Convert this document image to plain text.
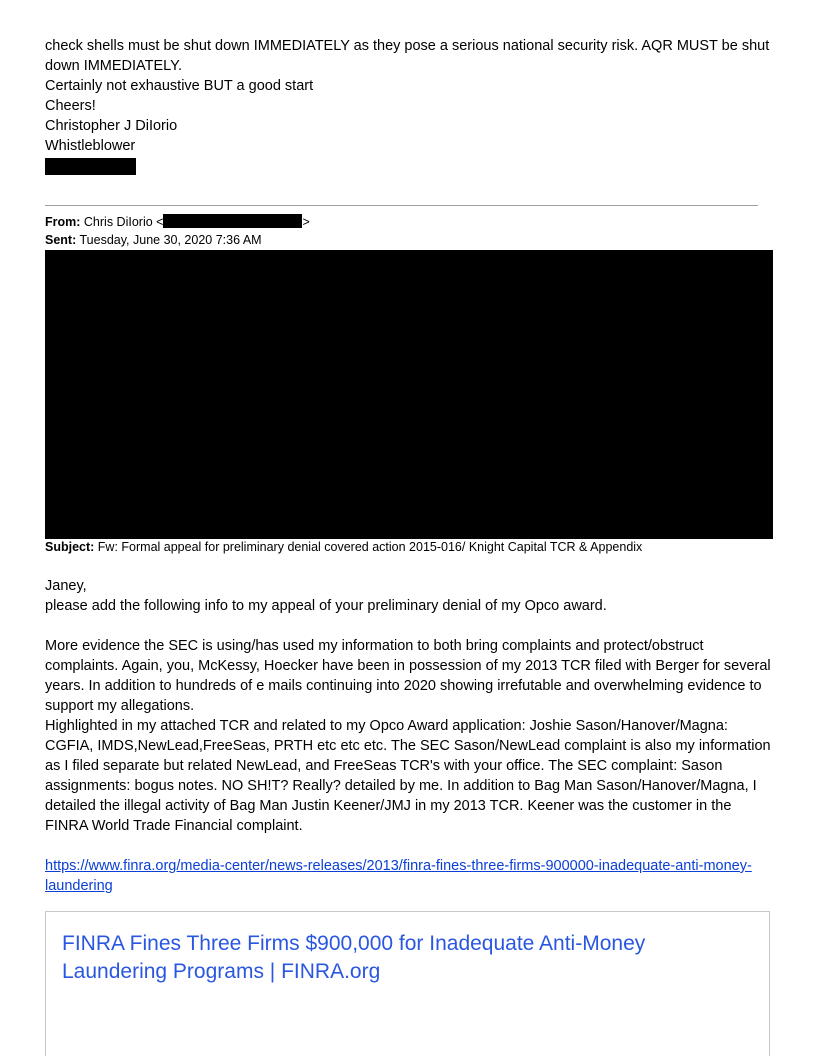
check shells must be shut down IMMEDIATELY as they pose a serious national security risk. AQR MUST be shut down IMMEDIATELY.

Certainly not exhaustive BUT a good start

Cheers!

Christopher J DiIorio

Whistleblower

From: Chris DiIorio <	>
Sent: Tuesday, June 30, 2020 7:36 AM
Subject: Fw: Formal appeal for preliminary denial covered action 2015-016/ Knight Capital TCR & Appendix

Janey,

please add the following info to my appeal of your preliminary denial of my Opco award.

More evidence the SEC is using/has used my information to both bring complaints and protect/obstruct complaints. Again, you, McKessy, Hoecker have been in possession of my 2013 TCR filed with Berger for several years. In addition to hundreds of e mails continuing into 2020 showing irrefutable and overwhelming evidence to support my allegations.

Highlighted in my attached TCR and related to my Opco Award application: Joshie Sason/Hanover/Magna: CGFIA, IMDS,NewLead,FreeSeas, PRTH etc etc etc. The SEC Sason/NewLead complaint is also my information as I filed separate but related NewLead, and FreeSeas TCR's with your office. The SEC complaint: Sason assignments: bogus notes. NO SH!T? Really? detailed by me. In addition to Bag Man Sason/Hanover/Magna, I detailed the illegal activity of Bag Man Justin Keener/JMJ in my 2013 TCR. Keener was the customer in the FINRA World Trade Financial complaint.

https://www.finra.org/media-center/news-releases/2013/finra-fines-three-firms-900000-inadequate-anti-money-laundering

FINRA Fines Three Firms $900,000 for Inadequate Anti-Money Laundering Programs | FINRA.org
